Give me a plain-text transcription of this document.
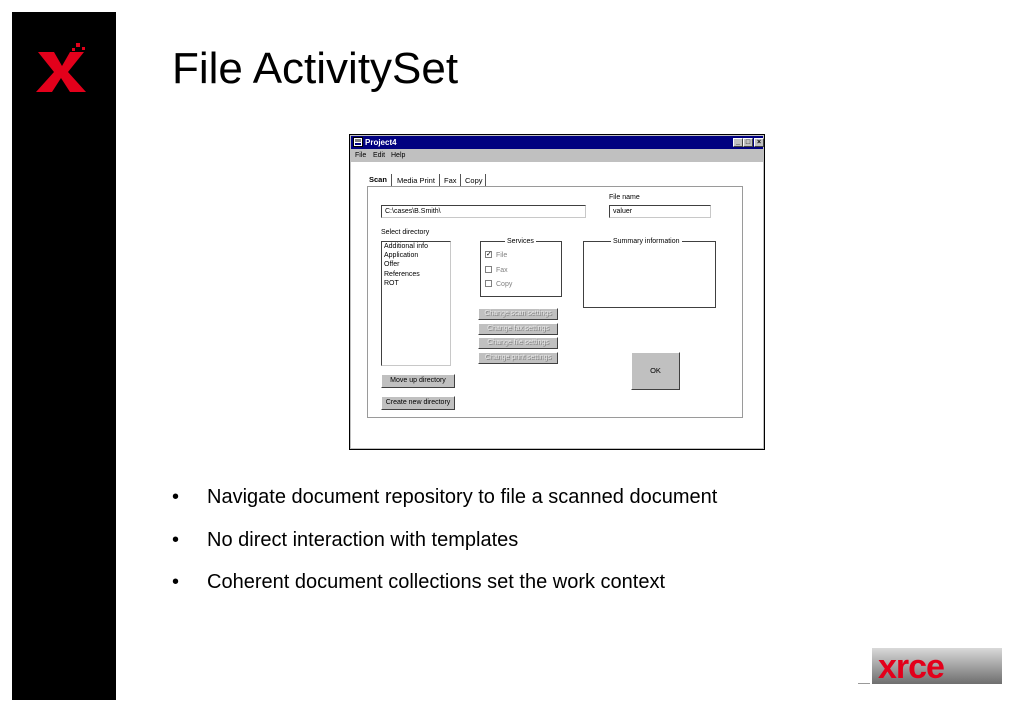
File ActivitySet
Project4	_ □ ×
File Edit Help
Scan Media Print Fax Copy
File name
C:\cases\B.Smith\	valuer
Select directory
Additional info
Application
Offer
References
ROT
Services
✓ File
Fax
Copy
Summary information
Change scan settings
Change fax settings
Change file settings
Change print settings
OK
Move up directory
Create new directory
• Navigate document repository to file a scanned document
• No direct interaction with templates
• Coherent document collections set the work context
xrce
